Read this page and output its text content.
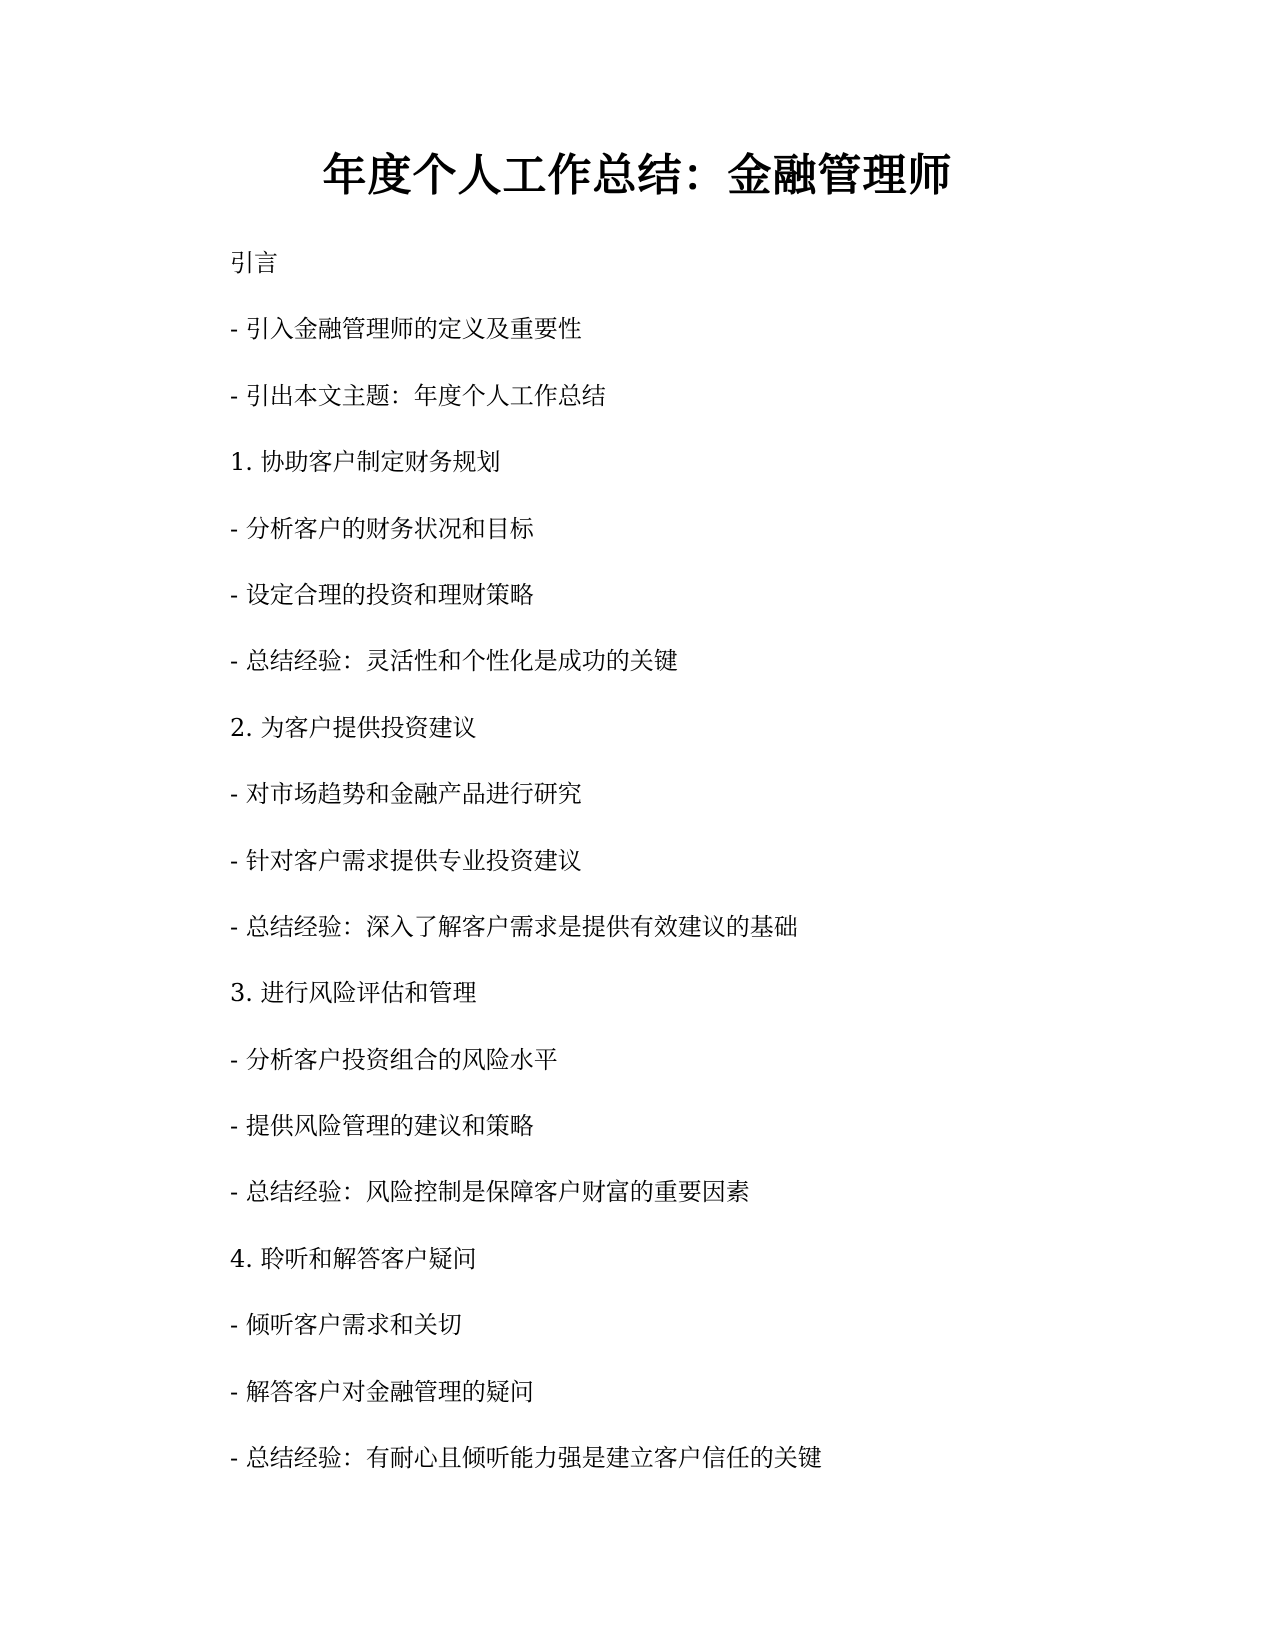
年度个人工作总结：金融管理师
引言
- 引入金融管理师的定义及重要性
- 引出本文主题：年度个人工作总结
1. 协助客户制定财务规划
- 分析客户的财务状况和目标
- 设定合理的投资和理财策略
- 总结经验：灵活性和个性化是成功的关键
2. 为客户提供投资建议
- 对市场趋势和金融产品进行研究
- 针对客户需求提供专业投资建议
- 总结经验：深入了解客户需求是提供有效建议的基础
3. 进行风险评估和管理
- 分析客户投资组合的风险水平
- 提供风险管理的建议和策略
- 总结经验：风险控制是保障客户财富的重要因素
4. 聆听和解答客户疑问
- 倾听客户需求和关切
- 解答客户对金融管理的疑问
- 总结经验：有耐心且倾听能力强是建立客户信任的关键
